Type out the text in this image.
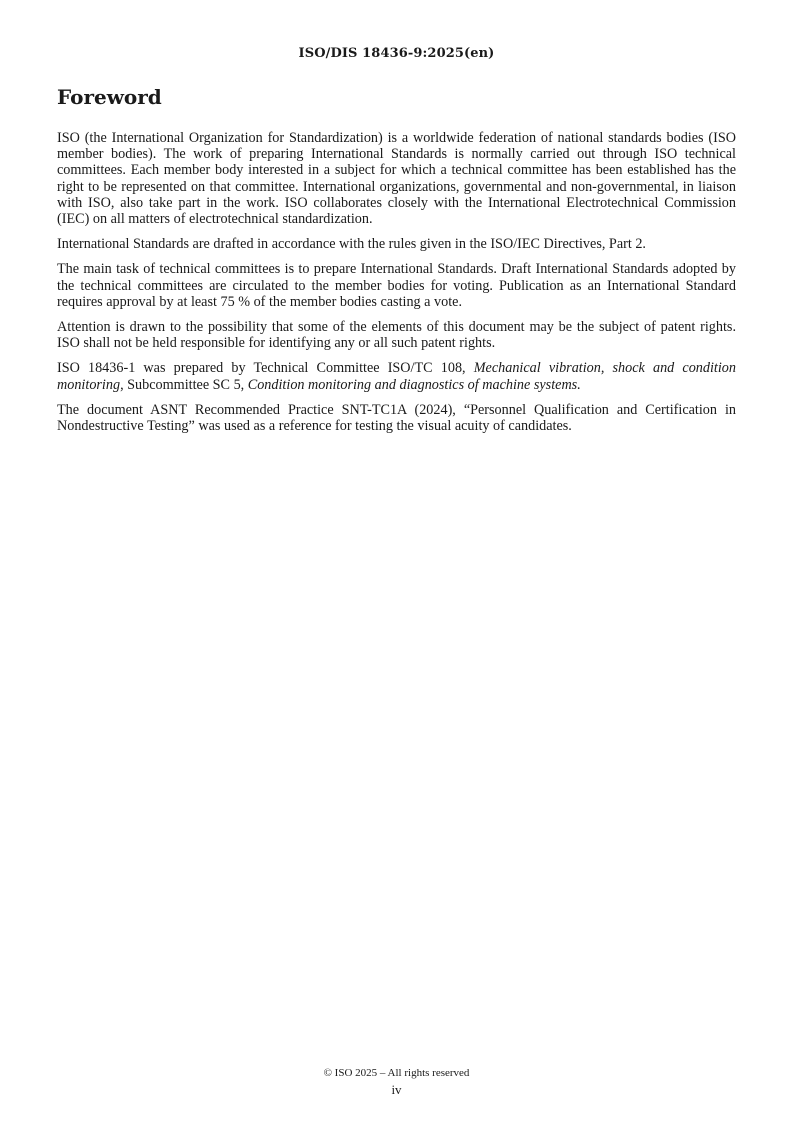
ISO/DIS 18436-9:2025(en)
Foreword

ISO (the International Organization for Standardization) is a worldwide federation of national standards bodies (ISO member bodies). The work of preparing International Standards is normally carried out through ISO technical committees. Each member body interested in a subject for which a technical committee has been established has the right to be represented on that committee. International organizations, governmental and non-governmental, in liaison with ISO, also take part in the work. ISO collaborates closely with the International Electrotechnical Commission (IEC) on all matters of electrotechnical standardization.

International Standards are drafted in accordance with the rules given in the ISO/IEC Directives, Part 2.

The main task of technical committees is to prepare International Standards. Draft International Standards adopted by the technical committees are circulated to the member bodies for voting. Publication as an International Standard requires approval by at least 75 % of the member bodies casting a vote.

Attention is drawn to the possibility that some of the elements of this document may be the subject of patent rights. ISO shall not be held responsible for identifying any or all such patent rights.

ISO 18436-1 was prepared by Technical Committee ISO/TC 108, Mechanical vibration, shock and condition monitoring, Subcommittee SC 5, Condition monitoring and diagnostics of machine systems.

The document ASNT Recommended Practice SNT-TC1A (2024), “Personnel Qualification and Certification in Nondestructive Testing” was used as a reference for testing the visual acuity of candidates.

© ISO 2025 – All rights reserved
iv
